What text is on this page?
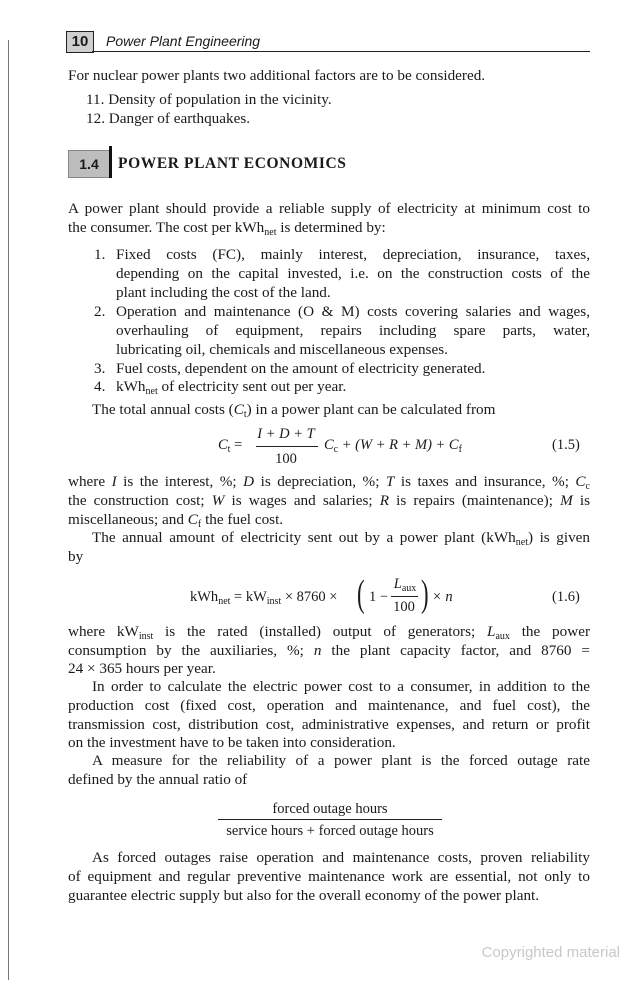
10	Power Plant Engineering
For nuclear power plants two additional factors are to be considered.
11. Density of population in the vicinity.
12. Danger of earthquakes.
1.4	POWER PLANT ECONOMICS
A power plant should provide a reliable supply of electricity at minimum cost to
the consumer. The cost per kWh$_{net}$ is determined by:
1. Fixed costs (FC), mainly interest, depreciation, insurance, taxes,
depending on the capital invested, i.e. on the construction costs of the
plant including the cost of the land.
2. Operation and maintenance (O & M) costs covering salaries and wages,
overhauling of equipment, repairs including spare parts, water,
lubricating oil, chemicals and miscellaneous expenses.
3. Fuel costs, dependent on the amount of electricity generated.
4. kWh$_{net}$ of electricity sent out per year.
The total annual costs $(C_t)$ in a power plant can be calculated from
$C_t$ =
I + D + T
100
$C_c + (W + R + M) + C_f$	(1.5)
where I is the interest, %; D is depreciation, %; T is taxes and insurance, %; $C_c$
the construction cost; W is wages and salaries; R is repairs (maintenance); M is
miscellaneous; and $C_f$ the fuel cost.
The annual amount of electricity sent out by a power plant (kWh$_{net}$) is given
by
$kWh_{net} = kW_{inst} \times 8760$ × ( 1 −
$L_{aux}$
100 ) × n	(1.6)
where $kW_{inst}$ is the rated (installed) output of generators; $L_{aux}$ the power
consumption by the auxiliaries, %; n the plant capacity factor, and 8760 =
24 × 365 hours per year.
In order to calculate the electric power cost to a consumer, in addition to the
production cost (fixed cost, operation and maintenance, and fuel cost), the
transmission cost, distribution cost, administrative expenses, and return or profit
on the investment have to be taken into consideration.
A measure for the reliability of a power plant is the forced outage rate
defined by the annual ratio of
forced outage hours
service hours + forced outage hours
As forced outages raise operation and maintenance costs, proven reliability
of equipment and regular preventive maintenance work are essential, not only to
guarantee electric supply but also for the overall economy of the power plant.
Copyrighted material
